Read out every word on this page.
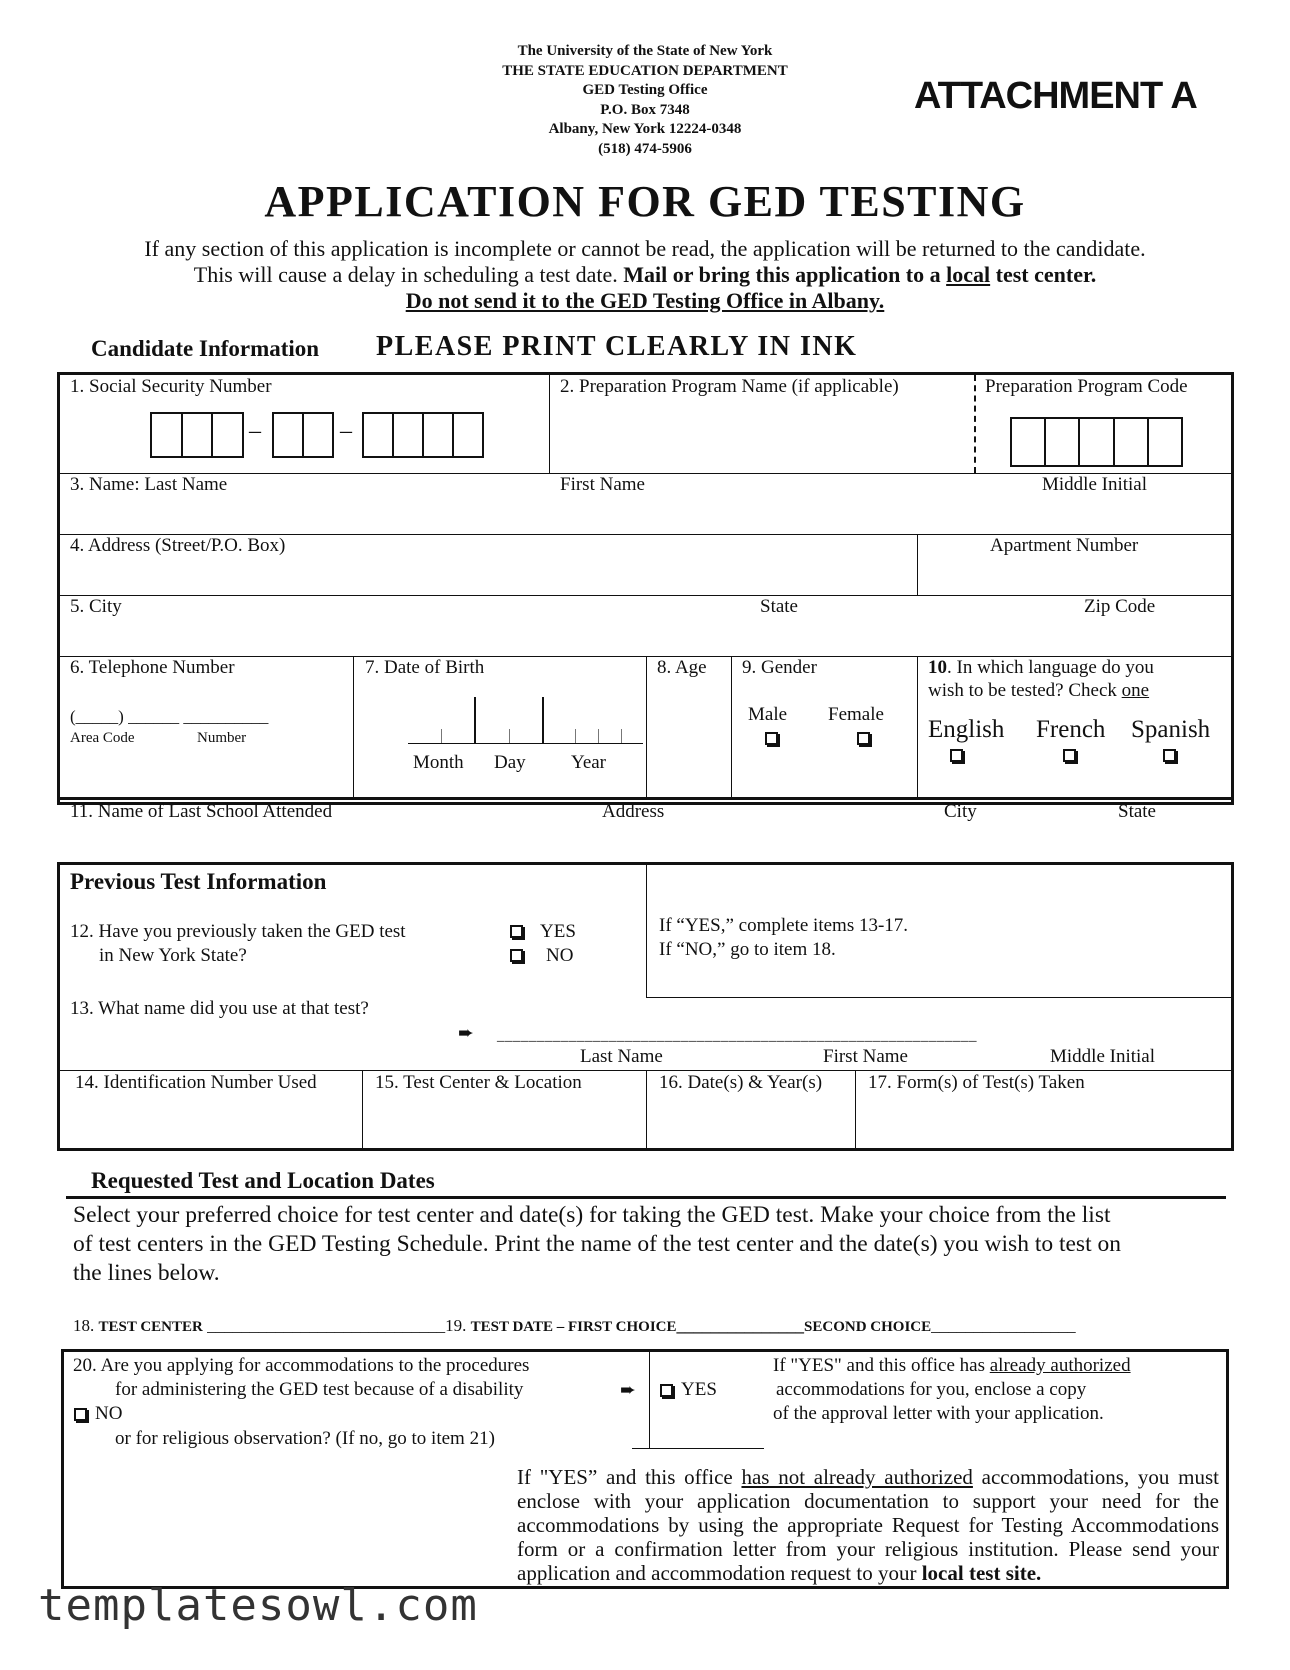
The University of the State of New York
THE STATE EDUCATION DEPARTMENT
GED Testing Office
P.O. Box 7348
Albany, New York 12224-0348
(518) 474-5906
ATTACHMENT A
APPLICATION FOR GED TESTING
If any section of this application is incomplete or cannot be read, the application will be returned to the candidate.
This will cause a delay in scheduling a test date. Mail or bring this application to a local test center.
Do not send it to the GED Testing Office in Albany.
Candidate Information PLEASE PRINT CLEARLY IN INK
1. Social Security Number
–	–
2. Preparation Program Name (if applicable)	Preparation Program Code
3. Name: Last Name	First Name	Middle Initial
4. Address (Street/P.O. Box)	Apartment Number
5. City	State	Zip Code
6. Telephone Number
(_____) ______ __________
Area Code	Number
7. Date of Birth
Month Day Year
8. Age 9. Gender
Male Female
10. In which language do you
wish to be tested? Check one
English French Spanish
11. Name of Last School Attended	Address	City	State
Previous Test Information
12. Have you previously taken the GED test
in New York State?
YES
NO
If “YES,” complete items 13-17.
If “NO,” go to item 18.
13. What name did you use at that test?
➨ ____________________________________________________________
Last Name	First Name	Middle Initial
14. Identification Number Used	15. Test Center & Location	16. Date(s) & Year(s) 17. Form(s) of Test(s) Taken
Requested Test and Location Dates
Select your preferred choice for test center and date(s) for taking the GED test. Make your choice from the list
of test centers in the GED Testing Schedule. Print the name of the test center and the date(s) you wish to test on
the lines below.
18. TEST CENTER ____________________________19. TEST DATE – FIRST CHOICE_______________SECOND CHOICE_________________
20. Are you applying for accommodations to the procedures
for administering the GED test because of a disability
NO
or for religious observation? (If no, go to item 21)
➨ YES
If "YES" and this office has already authorized
accommodations for you, enclose a copy
of the approval letter with your application.
If "YES” and this office has not already authorized accommodations, you must enclose with your application documentation to support your need for the accommodations by using the appropriate Request for Testing Accommodations form or a confirmation letter from your religious institution. Please send your application and accommodation request to your local test site.
templatesowl.com
